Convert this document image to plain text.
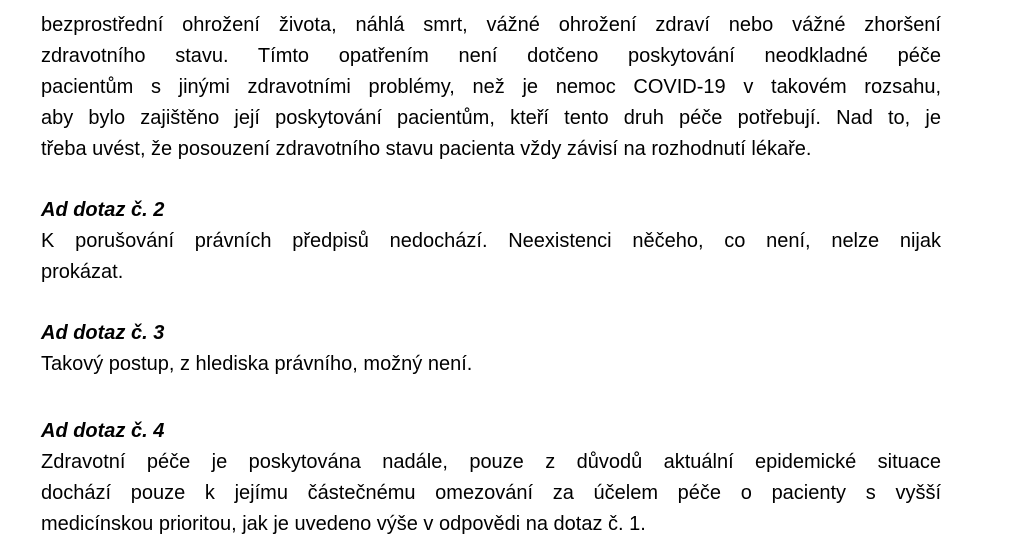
bezprostřední ohrožení života, náhlá smrt, vážné ohrožení zdraví nebo vážné zhoršení
zdravotního stavu. Tímto opatřením není dotčeno poskytování neodkladné péče
pacientům s jinými zdravotními problémy, než je nemoc COVID-19 v takovém rozsahu,
aby bylo zajištěno její poskytování pacientům, kteří tento druh péče potřebují. Nad to, je
třeba uvést, že posouzení zdravotního stavu pacienta vždy závisí na rozhodnutí lékaře.
Ad dotaz č. 2
K porušování právních předpisů nedochází. Neexistenci něčeho, co není, nelze nijak
prokázat.
Ad dotaz č. 3
Takový postup, z hlediska právního, možný není.
Ad dotaz č. 4
Zdravotní péče je poskytována nadále, pouze z důvodů aktuální epidemické situace
dochází pouze k jejímu částečnému omezování za účelem péče o pacienty s vyšší
medicínskou prioritou, jak je uvedeno výše v odpovědi na dotaz č. 1.
